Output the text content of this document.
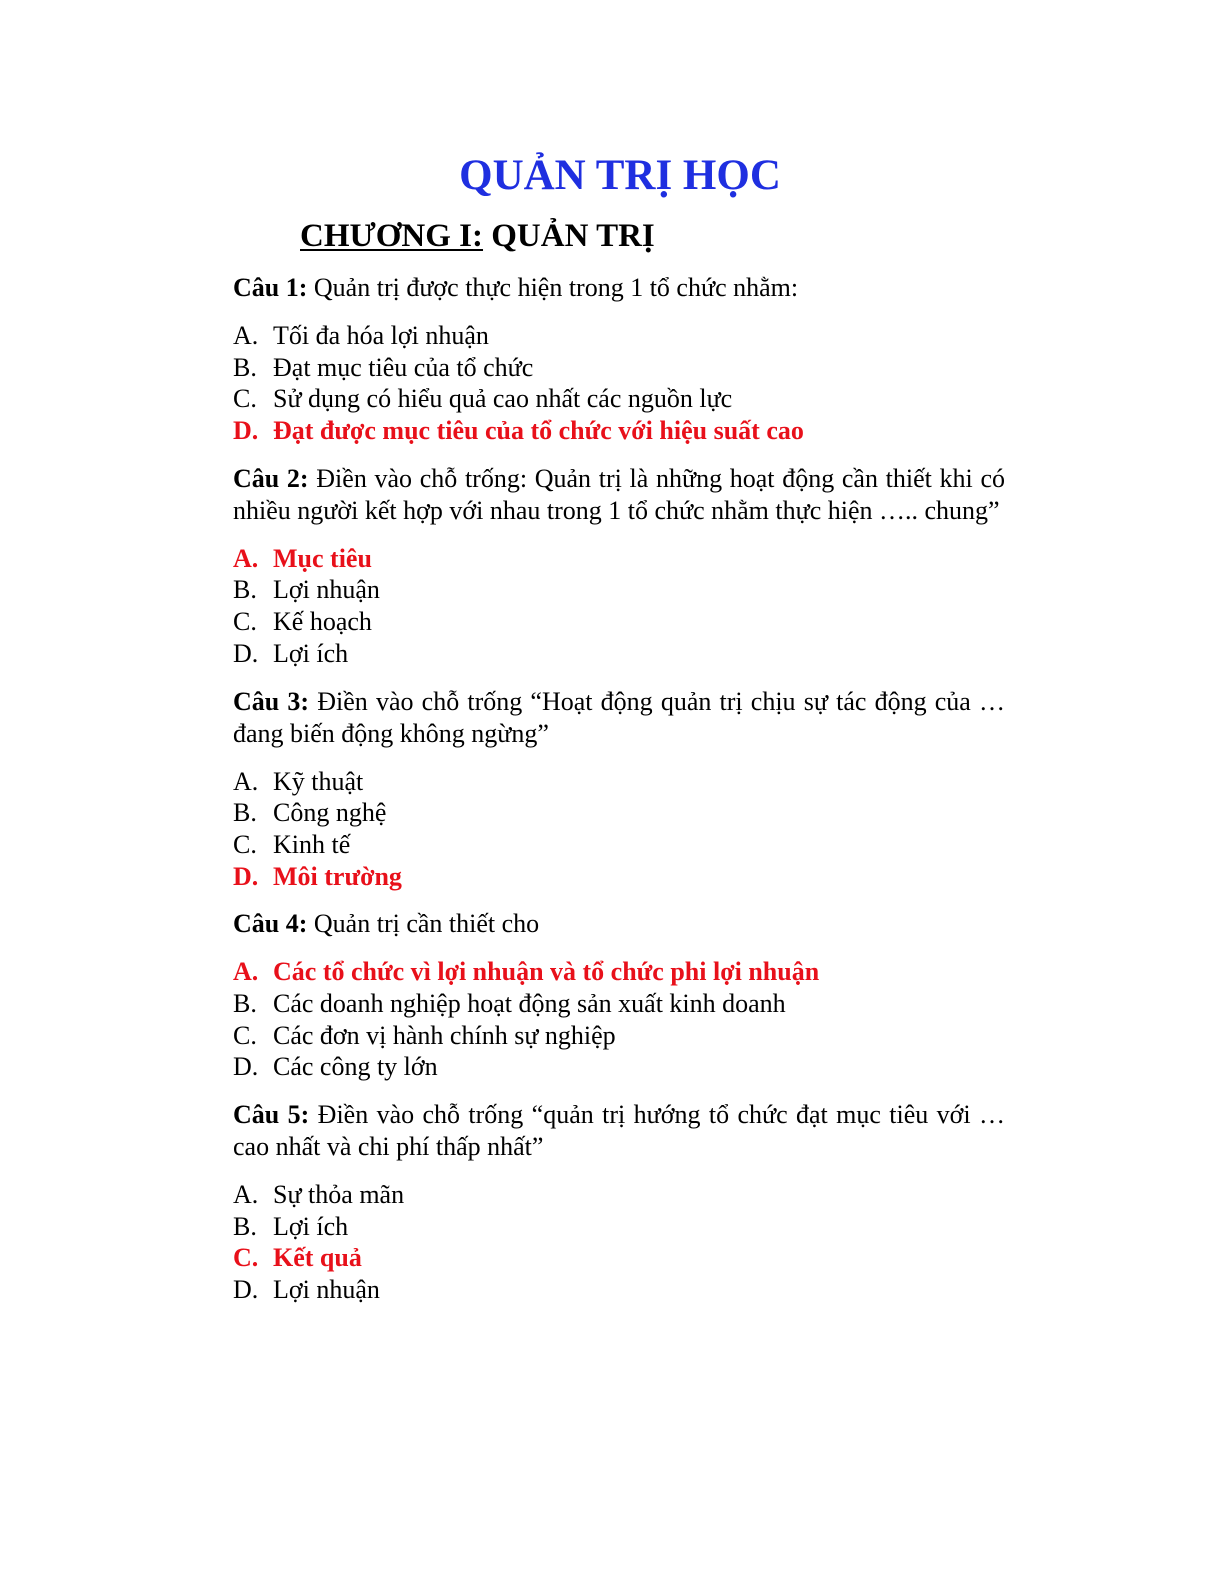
QUẢN TRỊ HỌC
CHƯƠNG I: QUẢN TRỊ

Câu 1: Quản trị được thực hiện trong 1 tổ chức nhằm:

A. Tối đa hóa lợi nhuận
B. Đạt mục tiêu của tổ chức
C. Sử dụng có hiểu quả cao nhất các nguồn lực
D. Đạt được mục tiêu của tổ chức với hiệu suất cao

Câu 2: Điền vào chỗ trống: Quản trị là những hoạt động cần thiết khi có nhiều người kết hợp với nhau trong 1 tổ chức nhằm thực hiện ….. chung”

A. Mục tiêu
B. Lợi nhuận
C. Kế hoạch
D. Lợi ích

Câu 3: Điền vào chỗ trống “Hoạt động quản trị chịu sự tác động của … đang biến động không ngừng”

A. Kỹ thuật
B. Công nghệ
C. Kinh tế
D. Môi trường

Câu 4: Quản trị cần thiết cho

A. Các tổ chức vì lợi nhuận và tổ chức phi lợi nhuận
B. Các doanh nghiệp hoạt động sản xuất kinh doanh
C. Các đơn vị hành chính sự nghiệp
D. Các công ty lớn

Câu 5: Điền vào chỗ trống “quản trị hướng tổ chức đạt mục tiêu với … cao nhất và chi phí thấp nhất”

A. Sự thỏa mãn
B. Lợi ích
C. Kết quả
D. Lợi nhuận
